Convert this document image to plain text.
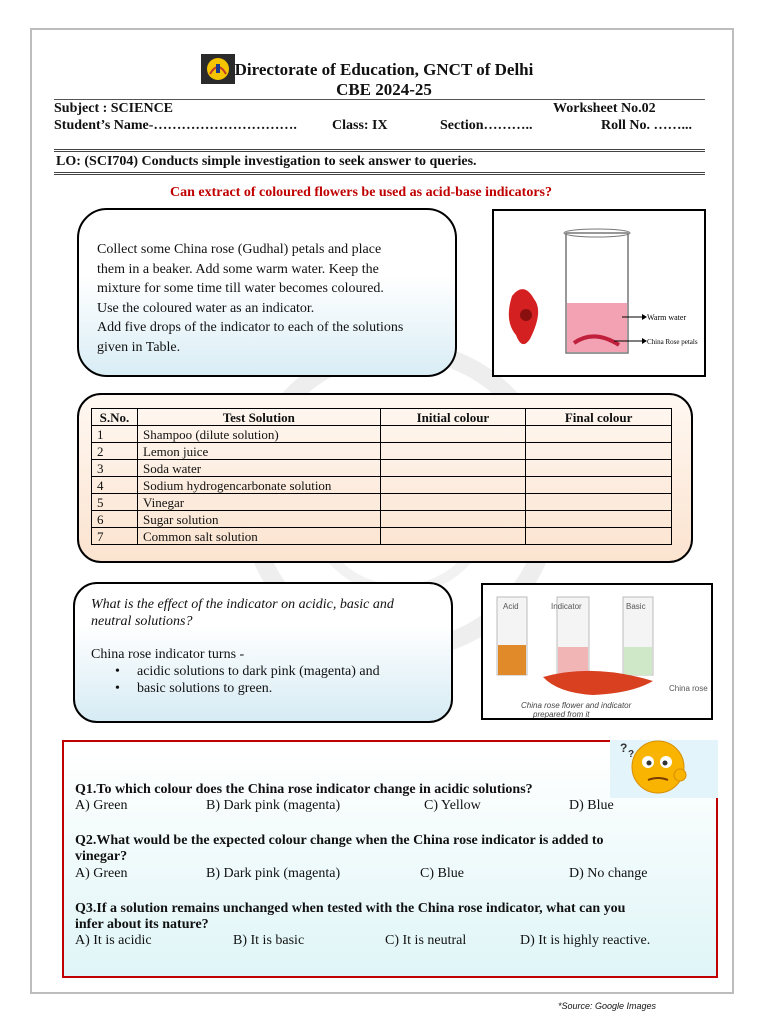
Directorate of Education, GNCT of Delhi
CBE 2024-25
Subject : SCIENCE	Worksheet No.02
Student’s Name-………………………….	Class: IX	Section………..	Roll No. ……...
LO: (SCI704) Conducts simple investigation to seek answer to queries.
Can extract of coloured flowers be used as acid-base indicators?

Collect some China rose (Gudhal) petals and place
them in a beaker. Add some warm water. Keep the
mixture for some time till water becomes coloured.
Use the coloured water as an indicator.
Add five drops of the indicator to each of the solutions
given in Table.

Warm water
China Rose petals
S.No.	Test Solution	Initial colour	Final colour
1	Shampoo (dilute solution)		
2	Lemon juice		
3	Soda water		
4	Sodium hydrogencarbonate solution		
5	Vinegar		
6	Sugar solution		
7	Common salt solution		
What is the effect of the indicator on acidic, basic and
neutral solutions?
China rose indicator turns -
• acidic solutions to dark pink (magenta) and
• basic solutions to green.
Acid	Indicator	Basic
China rose
China rose flower and indicator
prepared from it
? ?
Q1.To which colour does the China rose indicator change in acidic solutions?
A) Green	B) Dark pink (magenta)	C) Yellow	D) Blue
Q2.What would be the expected colour change when the China rose indicator is added to
vinegar?
A) Green	B) Dark pink (magenta)	C) Blue	D) No change
Q3.If a solution remains unchanged when tested with the China rose indicator, what can you
infer about its nature?
A) It is acidic	B) It is basic	C) It is neutral	D) It is highly reactive.
*Source: Google Images
